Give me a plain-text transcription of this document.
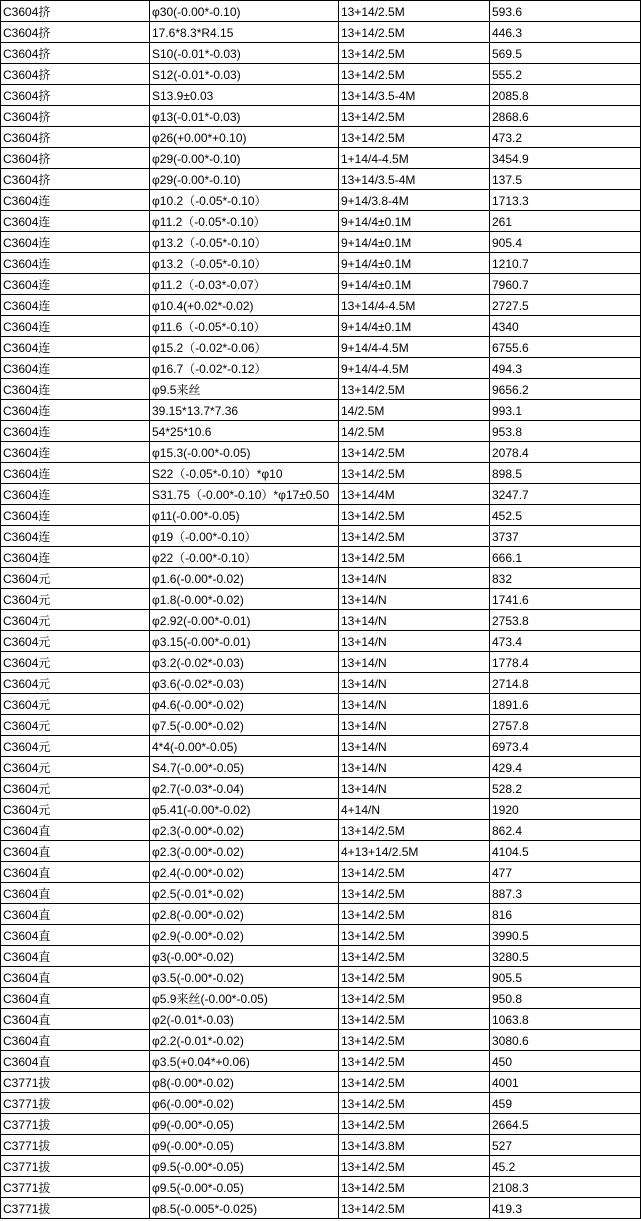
C3604挤	φ30(-0.00*-0.10)	13+14/2.5M	593.6
C3604挤	17.6*8.3*R4.15	13+14/2.5M	446.3
C3604挤	S10(-0.01*-0.03)	13+14/2.5M	569.5
C3604挤	S12(-0.01*-0.03)	13+14/2.5M	555.2
C3604挤	S13.9±0.03	13+14/3.5-4M	2085.8
C3604挤	φ13(-0.01*-0.03)	13+14/2.5M	2868.6
C3604挤	φ26(+0.00*+0.10)	13+14/2.5M	473.2
C3604挤	φ29(-0.00*-0.10)	1+14/4-4.5M	3454.9
C3604挤	φ29(-0.00*-0.10)	13+14/3.5-4M	137.5
C3604连	φ10.2（-0.05*-0.10）	9+14/3.8-4M	1713.3
C3604连	φ11.2（-0.05*-0.10）	9+14/4±0.1M	261
C3604连	φ13.2（-0.05*-0.10）	9+14/4±0.1M	905.4
C3604连	φ13.2（-0.05*-0.10）	9+14/4±0.1M	1210.7
C3604连	φ11.2（-0.03*-0.07）	9+14/4±0.1M	7960.7
C3604连	φ10.4(+0.02*-0.02)	13+14/4-4.5M	2727.5
C3604连	φ11.6（-0.05*-0.10）	9+14/4±0.1M	4340
C3604连	φ15.2（-0.02*-0.06）	9+14/4-4.5M	6755.6
C3604连	φ16.7（-0.02*-0.12）	9+14/4-4.5M	494.3
C3604连	φ9.5来丝	13+14/2.5M	9656.2
C3604连	39.15*13.7*7.36	14/2.5M	993.1
C3604连	54*25*10.6	14/2.5M	953.8
C3604连	φ15.3(-0.00*-0.05)	13+14/2.5M	2078.4
C3604连	S22（-0.05*-0.10）*φ10	13+14/2.5M	898.5
C3604连	S31.75（-0.00*-0.10）*φ17±0.50	13+14/4M	3247.7
C3604连	φ11(-0.00*-0.05)	13+14/2.5M	452.5
C3604连	φ19（-0.00*-0.10）	13+14/2.5M	3737
C3604连	φ22（-0.00*-0.10）	13+14/2.5M	666.1
C3604元	φ1.6(-0.00*-0.02)	13+14/N	832
C3604元	φ1.8(-0.00*-0.02)	13+14/N	1741.6
C3604元	φ2.92(-0.00*-0.01)	13+14/N	2753.8
C3604元	φ3.15(-0.00*-0.01)	13+14/N	473.4
C3604元	φ3.2(-0.02*-0.03)	13+14/N	1778.4
C3604元	φ3.6(-0.02*-0.03)	13+14/N	2714.8
C3604元	φ4.6(-0.00*-0.02)	13+14/N	1891.6
C3604元	φ7.5(-0.00*-0.02)	13+14/N	2757.8
C3604元	4*4(-0.00*-0.05)	13+14/N	6973.4
C3604元	S4.7(-0.00*-0.05)	13+14/N	429.4
C3604元	φ2.7(-0.03*-0.04)	13+14/N	528.2
C3604元	φ5.41(-0.00*-0.02)	4+14/N	1920
C3604直	φ2.3(-0.00*-0.02)	13+14/2.5M	862.4
C3604直	φ2.3(-0.00*-0.02)	4+13+14/2.5M	4104.5
C3604直	φ2.4(-0.00*-0.02)	13+14/2.5M	477
C3604直	φ2.5(-0.01*-0.02)	13+14/2.5M	887.3
C3604直	φ2.8(-0.00*-0.02)	13+14/2.5M	816
C3604直	φ2.9(-0.00*-0.02)	13+14/2.5M	3990.5
C3604直	φ3(-0.00*-0.02)	13+14/2.5M	3280.5
C3604直	φ3.5(-0.00*-0.02)	13+14/2.5M	905.5
C3604直	φ5.9来丝(-0.00*-0.05)	13+14/2.5M	950.8
C3604直	φ2(-0.01*-0.03)	13+14/2.5M	1063.8
C3604直	φ2.2(-0.01*-0.02)	13+14/2.5M	3080.6
C3604直	φ3.5(+0.04*+0.06)	13+14/2.5M	450
C3771拔	φ8(-0.00*-0.02)	13+14/2.5M	4001
C3771拔	φ6(-0.00*-0.02)	13+14/2.5M	459
C3771拔	φ9(-0.00*-0.05)	13+14/2.5M	2664.5
C3771拔	φ9(-0.00*-0.05)	13+14/3.8M	527
C3771拔	φ9.5(-0.00*-0.05)	13+14/2.5M	45.2
C3771拔	φ9.5(-0.00*-0.05)	13+14/2.5M	2108.3
C3771拔	φ8.5(-0.005*-0.025)	13+14/2.5M	419.3
